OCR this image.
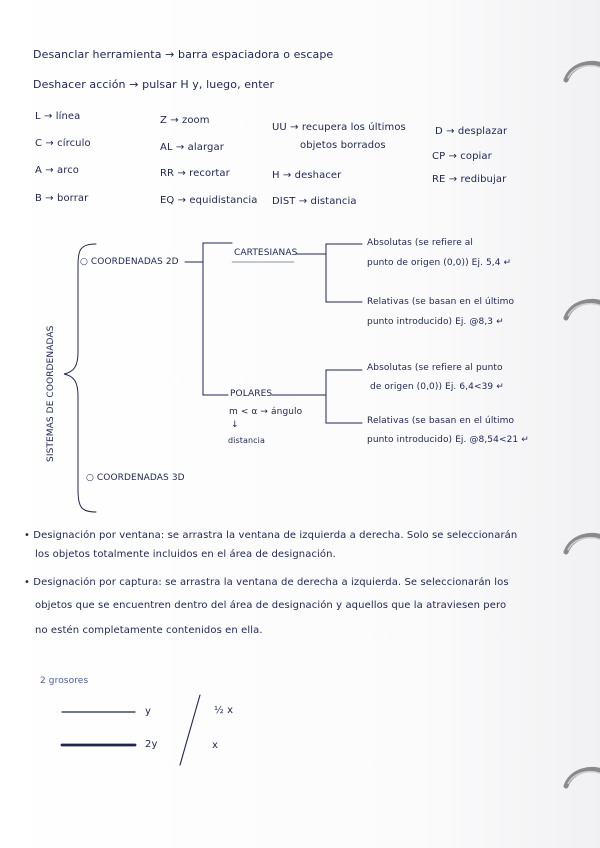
Desanclar herramienta → barra espaciadora o escape
Deshacer acción → pulsar H y, luego, enter
L → línea
C → círculo
A → arco
B → borrar
Z → zoom
AL → alargar
RR → recortar
EQ → equidistancia
UU → recupera los últimos
objetos borrados
H → deshacer
DIST → distancia
D → desplazar
CP → copiar
RE → redibujar
SISTEMAS DE COORDENADAS
○ COORDENADAS 2D
○ COORDENADAS 3D
CARTESIANAS
POLARES
Absolutas (se refiere al
punto de origen (0,0)) Ej. 5,4 ↵
Relativas (se basan en el último
punto introducido) Ej. @8,3 ↵
Absolutas (se refiere al punto
de origen (0,0)) Ej. 6,4<39 ↵
Relativas (se basan en el último
punto introducido) Ej. @8,54<21 ↵
m < α → ángulo
↓
distancia
• Designación por ventana: se arrastra la ventana de izquierda a derecha. Solo se seleccionarán
los objetos totalmente incluidos en el área de designación.
• Designación por captura: se arrastra la ventana de derecha a izquierda. Se seleccionarán los
objetos que se encuentren dentro del área de designación y aquellos que la atraviesen pero
no estén completamente contenidos en ella.
2 grosores
y
2y
½ x
x
